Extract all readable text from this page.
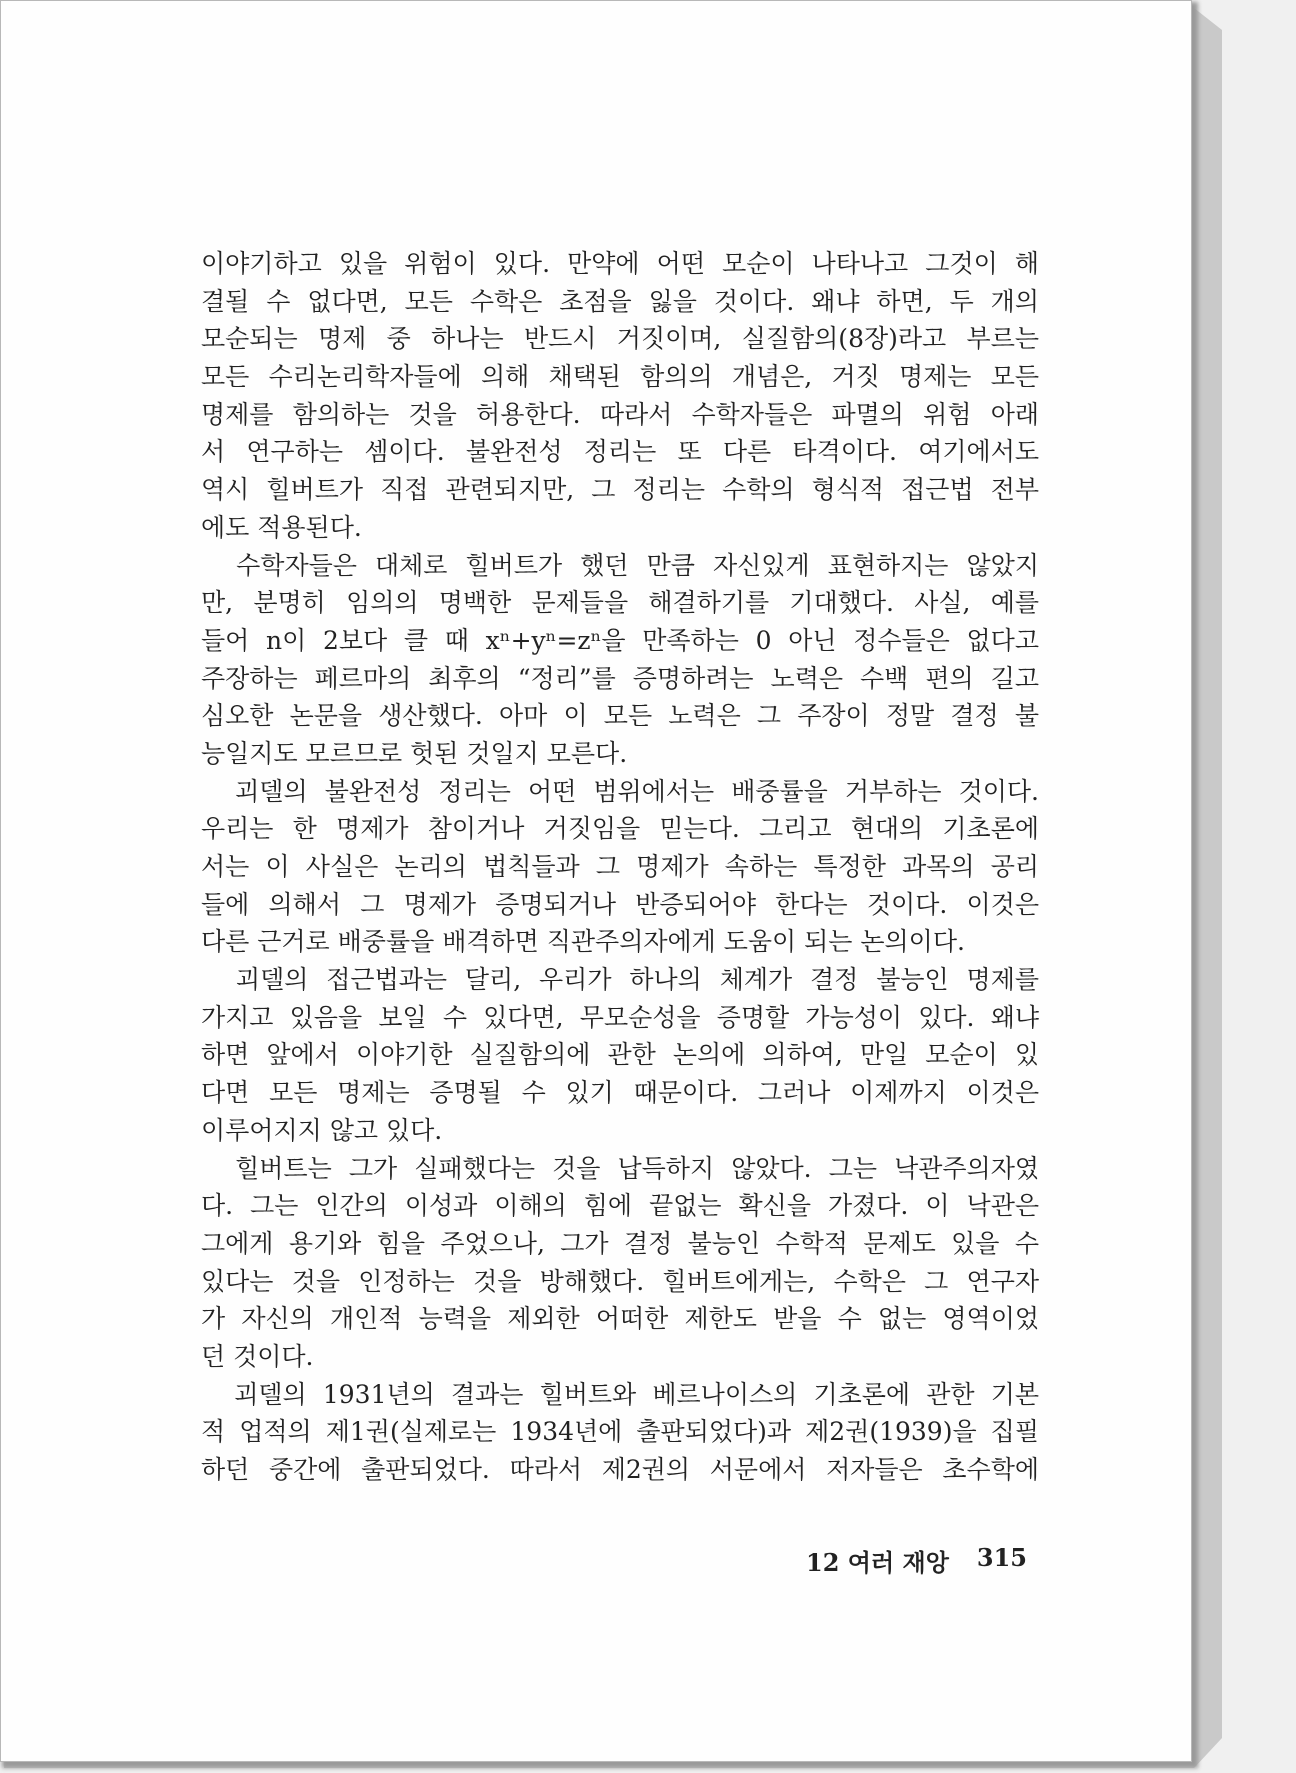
이야기하고 있을 위험이 있다. 만약에 어떤 모순이 나타나고 그것이 해
결될 수 없다면, 모든 수학은 초점을 잃을 것이다. 왜냐 하면, 두 개의
모순되는 명제 중 하나는 반드시 거짓이며, 실질함의(8장)라고 부르는
모든 수리논리학자들에 의해 채택된 함의의 개념은, 거짓 명제는 모든
명제를 함의하는 것을 허용한다. 따라서 수학자들은 파멸의 위험 아래
서 연구하는 셈이다. 불완전성 정리는 또 다른 타격이다. 여기에서도
역시 힐버트가 직접 관련되지만, 그 정리는 수학의 형식적 접근법 전부
에도 적용된다.
　수학자들은 대체로 힐버트가 했던 만큼 자신있게 표현하지는 않았지
만, 분명히 임의의 명백한 문제들을 해결하기를 기대했다. 사실, 예를
들어 n이 2보다 클 때 xⁿ+yⁿ=zⁿ을 만족하는 0 아닌 정수들은 없다고
주장하는 페르마의 최후의 “정리”를 증명하려는 노력은 수백 편의 길고
심오한 논문을 생산했다. 아마 이 모든 노력은 그 주장이 정말 결정 불
능일지도 모르므로 헛된 것일지 모른다.
　괴델의 불완전성 정리는 어떤 범위에서는 배중률을 거부하는 것이다.
우리는 한 명제가 참이거나 거짓임을 믿는다. 그리고 현대의 기초론에
서는 이 사실은 논리의 법칙들과 그 명제가 속하는 특정한 과목의 공리
들에 의해서 그 명제가 증명되거나 반증되어야 한다는 것이다. 이것은
다른 근거로 배중률을 배격하면 직관주의자에게 도움이 되는 논의이다.
　괴델의 접근법과는 달리, 우리가 하나의 체계가 결정 불능인 명제를
가지고 있음을 보일 수 있다면, 무모순성을 증명할 가능성이 있다. 왜냐
하면 앞에서 이야기한 실질함의에 관한 논의에 의하여, 만일 모순이 있
다면 모든 명제는 증명될 수 있기 때문이다. 그러나 이제까지 이것은
이루어지지 않고 있다.
　힐버트는 그가 실패했다는 것을 납득하지 않았다. 그는 낙관주의자였
다. 그는 인간의 이성과 이해의 힘에 끝없는 확신을 가졌다. 이 낙관은
그에게 용기와 힘을 주었으나, 그가 결정 불능인 수학적 문제도 있을 수
있다는 것을 인정하는 것을 방해했다. 힐버트에게는, 수학은 그 연구자
가 자신의 개인적 능력을 제외한 어떠한 제한도 받을 수 없는 영역이었
던 것이다.
　괴델의 1931년의 결과는 힐버트와 베르나이스의 기초론에 관한 기본
적 업적의 제1권(실제로는 1934년에 출판되었다)과 제2권(1939)을 집필
하던 중간에 출판되었다. 따라서 제2권의 서문에서 저자들은 초수학에
12 여러 재앙 315
